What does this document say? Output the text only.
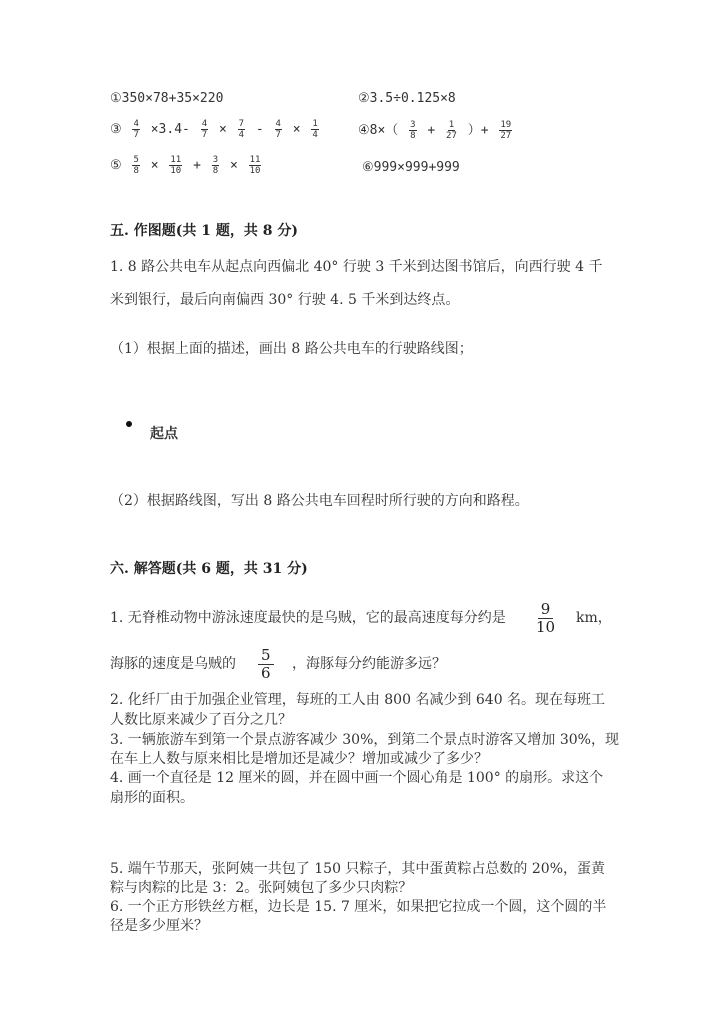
①350×78+35×220	②3.5÷0.125×8
③ $\frac{4}{7} \times 3.4- \frac{4}{7} \times \frac{7}{4} - \frac{4}{7} \times \frac{1}{4}$	④8×（ $\frac{3}{8} + \frac{1}{27}$ ）+ $\frac{19}{27}$
⑤ $\frac{5}{8} \times \frac{11}{10} + \frac{3}{8} \times \frac{11}{10}$	⑥999×999+999
五. 作图题(共 1 题，共 8 分)
1. 8 路公共电车从起点向西偏北 40° 行驶 3 千米到达图书馆后，向西行驶 4 千
米到银行，最后向南偏西 30° 行驶 4. 5 千米到达终点。
（1）根据上面的描述，画出 8 路公共电车的行驶路线图；
起点
（2）根据路线图，写出 8 路公共电车回程时所行驶的方向和路程。
六. 解答题(共 6 题，共 31 分)
1. 无脊椎动物中游泳速度最快的是乌贼，它的最高速度每分约是 9
10 km，
海豚的速度是乌贼的 5
6 ，海豚每分约能游多远？
2. 化纤厂由于加强企业管理，每班的工人由 800 名减少到 640 名。现在每班工
人数比原来减少了百分之几？
3. 一辆旅游车到第一个景点游客减少 30%，到第二个景点时游客又增加 30%，现
在车上人数与原来相比是增加还是减少？增加或减少了多少？
4. 画一个直径是 12 厘米的圆，并在圆中画一个圆心角是 100° 的扇形。求这个
扇形的面积。
5. 端午节那天，张阿姨一共包了 150 只粽子，其中蛋黄粽占总数的 20%，蛋黄
粽与肉粽的比是 3：2。张阿姨包了多少只肉粽？
6. 一个正方形铁丝方框，边长是 15. 7 厘米，如果把它拉成一个圆，这个圆的半
径是多少厘米？
